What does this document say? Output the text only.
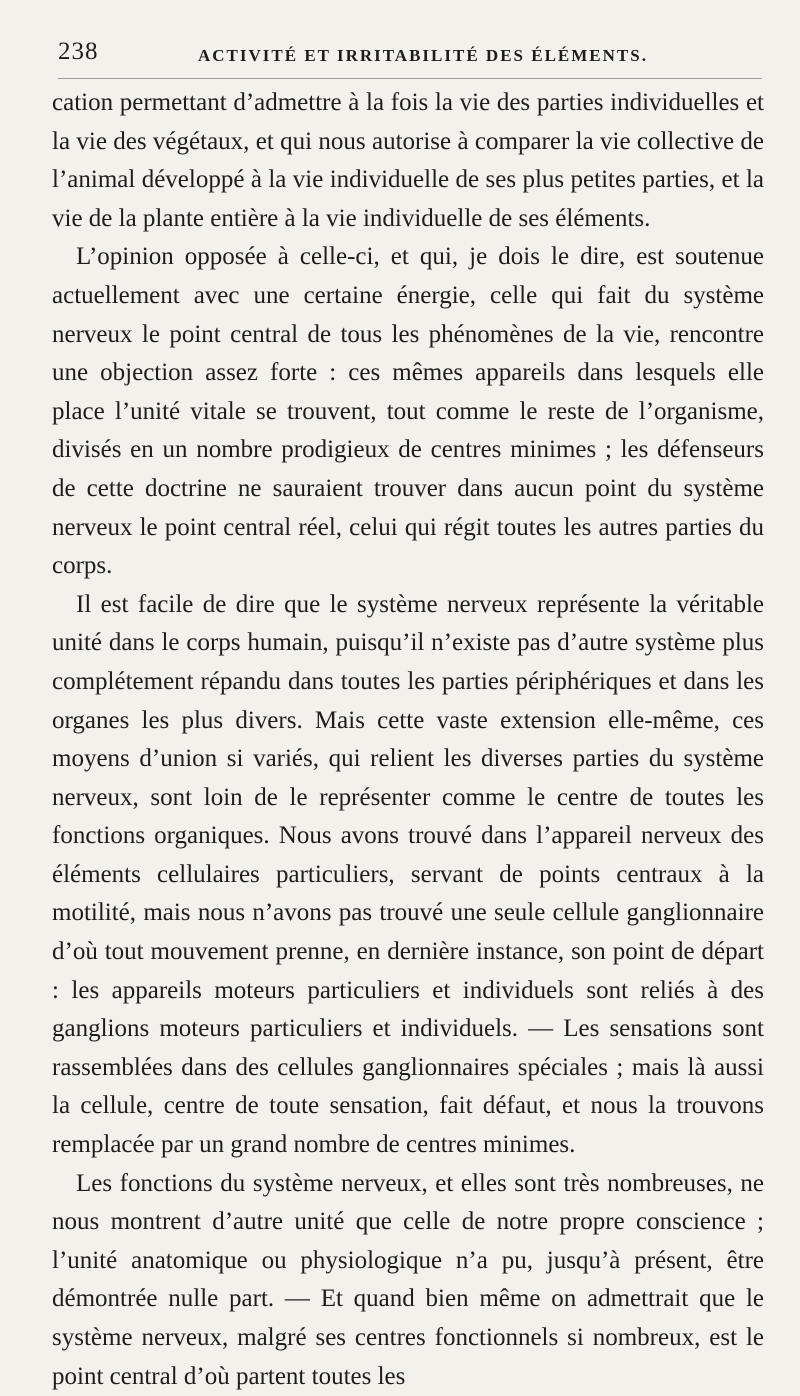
238	ACTIVITÉ ET IRRITABILITÉ DES ÉLÉMENTS.

cation permettant d’admettre à la fois la vie des parties individuelles et la vie des végétaux, et qui nous autorise à comparer la vie collective de l’animal développé à la vie individuelle de ses plus petites parties, et la vie de la plante entière à la vie individuelle de ses éléments.

L’opinion opposée à celle-ci, et qui, je dois le dire, est soutenue actuellement avec une certaine énergie, celle qui fait du système nerveux le point central de tous les phénomènes de la vie, rencontre une objection assez forte : ces mêmes appareils dans lesquels elle place l’unité vitale se trouvent, tout comme le reste de l’organisme, divisés en un nombre prodigieux de centres minimes ; les défenseurs de cette doctrine ne sauraient trouver dans aucun point du système nerveux le point central réel, celui qui régit toutes les autres parties du corps.

Il est facile de dire que le système nerveux représente la véritable unité dans le corps humain, puisqu’il n’existe pas d’autre système plus complétement répandu dans toutes les parties périphériques et dans les organes les plus divers. Mais cette vaste extension elle-même, ces moyens d’union si variés, qui relient les diverses parties du système nerveux, sont loin de le représenter comme le centre de toutes les fonctions organiques. Nous avons trouvé dans l’appareil nerveux des éléments cellulaires particuliers, servant de points centraux à la motilité, mais nous n’avons pas trouvé une seule cellule ganglionnaire d’où tout mouvement prenne, en dernière instance, son point de départ : les appareils moteurs particuliers et individuels sont reliés à des ganglions moteurs particuliers et individuels. — Les sensations sont rassemblées dans des cellules ganglionnaires spéciales ; mais là aussi la cellule, centre de toute sensation, fait défaut, et nous la trouvons remplacée par un grand nombre de centres minimes.

Les fonctions du système nerveux, et elles sont très nombreuses, ne nous montrent d’autre unité que celle de notre propre conscience ; l’unité anatomique ou physiologique n’a pu, jusqu’à présent, être démontrée nulle part. — Et quand bien même on admettrait que le système nerveux, malgré ses centres fonctionnels si nombreux, est le point central d’où partent toutes les
